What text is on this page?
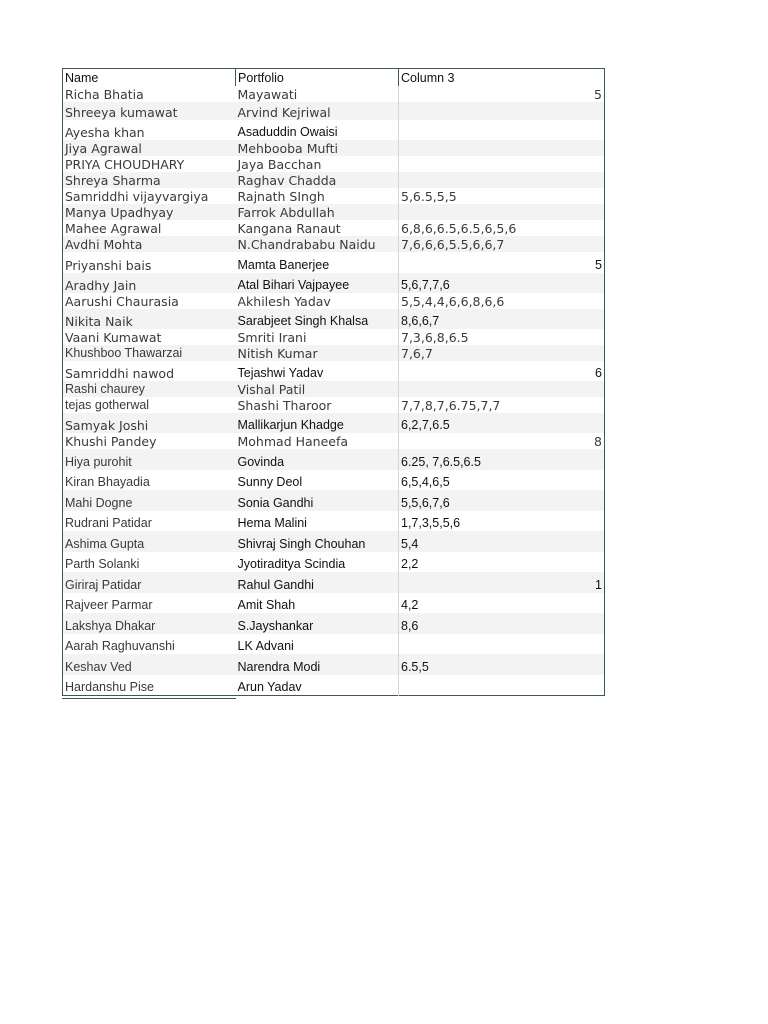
Name	Portfolio	Column 3
Richa Bhatia	Mayawati	5
Shreeya kumawat	Arvind Kejriwal	
Ayesha khan	Asaduddin Owaisi	
Jiya Agrawal	Mehbooba Mufti	
PRIYA CHOUDHARY	Jaya Bacchan	
Shreya Sharma	Raghav Chadda	
Samriddhi vijayvargiya	Rajnath SIngh	5,6.5,5,5
Manya Upadhyay	Farrok Abdullah	
Mahee Agrawal	Kangana Ranaut	6,8,6,6.5,6.5,6,5,6
Avdhi Mohta	N.Chandrababu Naidu	7,6,6,6,5.5,6,6,7
Priyanshi bais	Mamta Banerjee	5
Aradhy Jain	Atal Bihari Vajpayee	5,6,7,7,6
Aarushi Chaurasia	Akhilesh Yadav	5,5,4,4,6,6,8,6,6
Nikita Naik	Sarabjeet Singh Khalsa	8,6,6,7
Vaani Kumawat	Smriti Irani	7,3,6,8,6.5
Khushboo Thawarzai	Nitish Kumar	7,6,7
Samriddhi nawod	Tejashwi Yadav	6
Rashi chaurey	Vishal Patil	
tejas gotherwal	Shashi Tharoor	7,7,8,7,6.75,7,7
Samyak Joshi	Mallikarjun Khadge	6,2,7,6.5
Khushi Pandey	Mohmad Haneefa	8
Hiya purohit	Govinda	6.25, 7,6.5,6.5
Kiran Bhayadia	Sunny Deol	6,5,4,6,5
Mahi Dogne	Sonia Gandhi	5,5,6,7,6
Rudrani Patidar	Hema Malini	1,7,3,5,5,6
Ashima Gupta	Shivraj Singh Chouhan	5,4
Parth Solanki	Jyotiraditya Scindia	2,2
Giriraj Patidar	Rahul Gandhi	1
Rajveer Parmar	Amit Shah	4,2
Lakshya Dhakar	S.Jayshankar	8,6
Aarah Raghuvanshi	LK Advani	
Keshav Ved	Narendra Modi	6.5,5
Hardanshu Pise	Arun Yadav	
